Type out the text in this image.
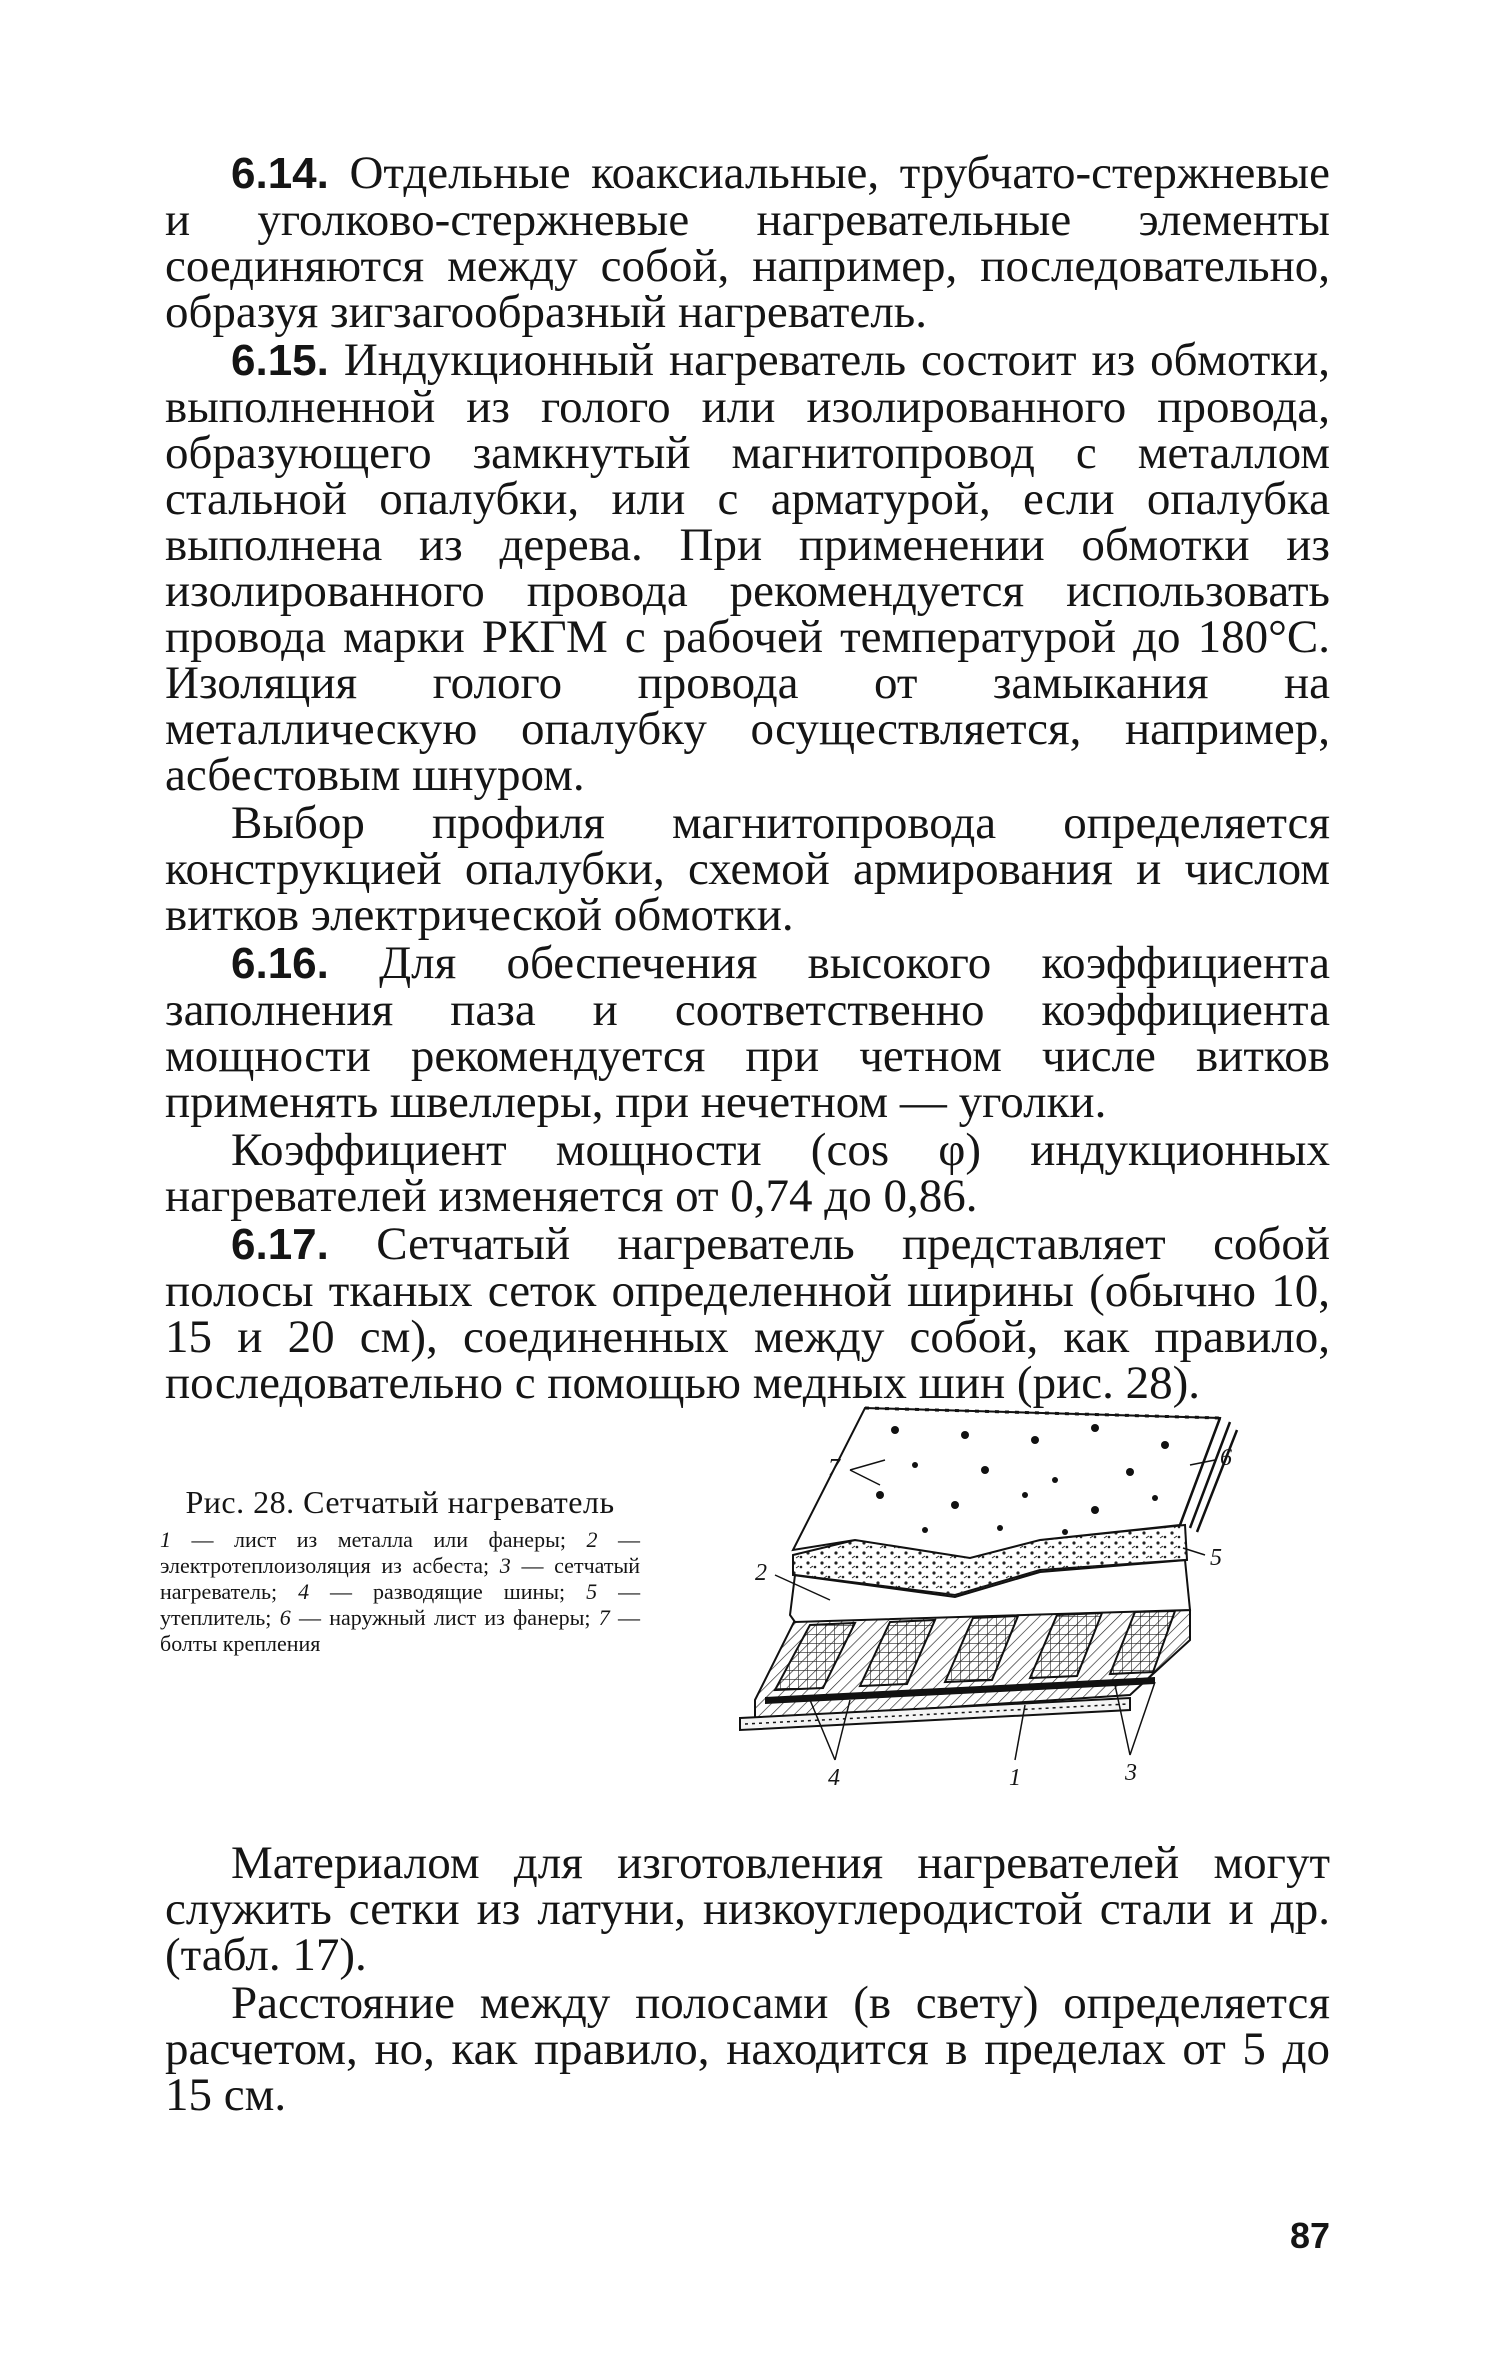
6.14. Отдельные коаксиальные, трубчато-стержневые и уголково-стержневые нагревательные элементы соединяются между собой, например, последовательно, образуя зигзагообразный нагреватель.

6.15. Индукционный нагреватель состоит из обмотки, выполненной из голого или изолированного провода, образующего замкнутый магнитопровод с металлом стальной опалубки, или с арматурой, если опалубка выполнена из дерева. При применении обмотки из изолированного провода рекомендуется использовать провода марки РКГМ с рабочей температурой до 180°С. Изоляция голого провода от замыкания на металлическую опалубку осуществляется, например, асбестовым шнуром.

Выбор профиля магнитопровода определяется конструкцией опалубки, схемой армирования и числом витков электрической обмотки.

6.16. Для обеспечения высокого коэффициента заполнения паза и соответственно коэффициента мощности рекомендуется при четном числе витков применять швеллеры, при нечетном — уголки.

Коэффициент мощности (cos φ) индукционных нагревателей изменяется от 0,74 до 0,86.

6.17. Сетчатый нагреватель представляет собой полосы тканых сеток определенной ширины (обычно 10, 15 и 20 см), соединенных между собой, как правило, последовательно с помощью медных шин (рис. 28).

Рис. 28. Сетчатый нагреватель
1 — лист из металла или фанеры; 2 — электротеплоизоляция из асбеста; 3 — сетчатый нагреватель; 4 — разводящие шины; 5 — утеплитель; 6 — наружный лист из фанеры; 7 — болты крепления
7	6
5
2
4	1	3

Материалом для изготовления нагревателей могут служить сетки из латуни, низкоуглеродистой стали и др. (табл. 17).

Расстояние между полосами (в свету) определяется расчетом, но, как правило, находится в пределах от 5 до 15 см.

87
